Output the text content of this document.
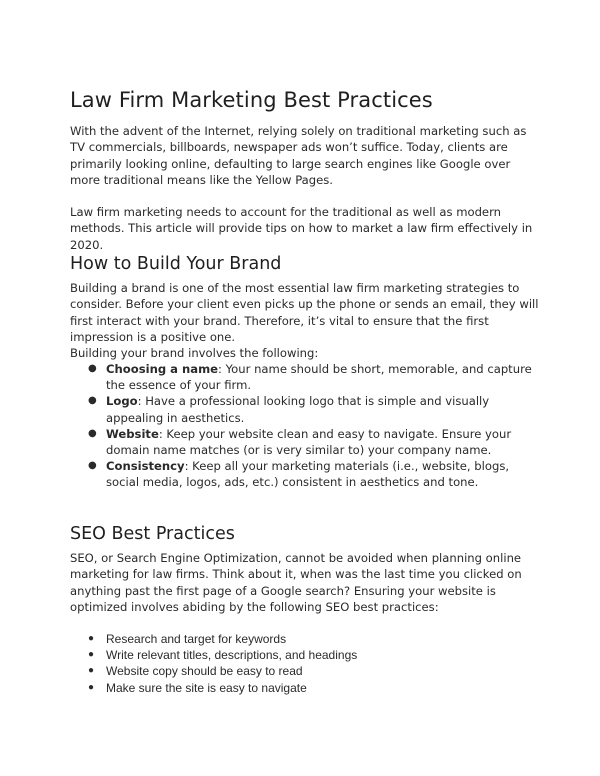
Law Firm Marketing Best Practices

With the advent of the Internet, relying solely on traditional marketing such as TV commercials, billboards, newspaper ads won’t suffice. Today, clients are primarily looking online, defaulting to large search engines like Google over more traditional means like the Yellow Pages.

Law firm marketing needs to account for the traditional as well as modern methods. This article will provide tips on how to market a law firm effectively in 2020.

How to Build Your Brand

Building a brand is one of the most essential law firm marketing strategies to consider. Before your client even picks up the phone or sends an email, they will first interact with your brand. Therefore, it’s vital to ensure that the first impression is a positive one.

Building your brand involves the following:

● Choosing a name: Your name should be short, memorable, and capture the essence of your firm.
● Logo: Have a professional looking logo that is simple and visually appealing in aesthetics.
● Website: Keep your website clean and easy to navigate. Ensure your domain name matches (or is very similar to) your company name.
● Consistency: Keep all your marketing materials (i.e., website, blogs, social media, logos, ads, etc.) consistent in aesthetics and tone.
SEO Best Practices

SEO, or Search Engine Optimization, cannot be avoided when planning online marketing for law firms. Think about it, when was the last time you clicked on anything past the first page of a Google search? Ensuring your website is optimized involves abiding by the following SEO best practices:

● Research and target for keywords
● Write relevant titles, descriptions, and headings
● Website copy should be easy to read
● Make sure the site is easy to navigate
